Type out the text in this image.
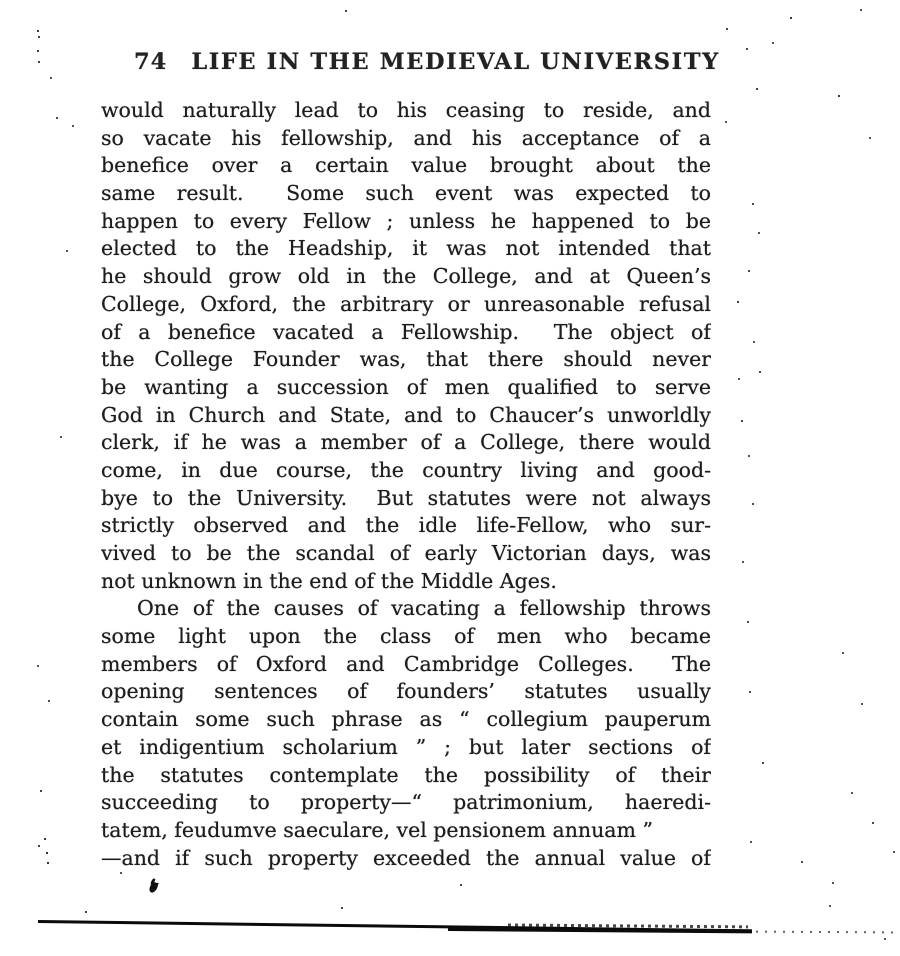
74 LIFE IN THE MEDIEVAL UNIVERSITY
would naturally lead to his ceasing to reside, and
so vacate his fellowship, and his acceptance of a
benefice over a certain value brought about the
same result.  Some such event was expected to
happen to every Fellow ; unless he happened to be
elected to the Headship, it was not intended that
he should grow old in the College, and at Queen’s
College, Oxford, the arbitrary or unreasonable refusal
of a benefice vacated a Fellowship.  The object of
the College Founder was, that there should never
be wanting a succession of men qualified to serve
God in Church and State, and to Chaucer’s unworldly
clerk, if he was a member of a College, there would
come, in due course, the country living and good-
bye to the University.  But statutes were not always
strictly observed and the idle life-Fellow, who sur-
vived to be the scandal of early Victorian days, was
not unknown in the end of the Middle Ages.
One of the causes of vacating a fellowship throws
some light upon the class of men who became
members of Oxford and Cambridge Colleges.  The
opening sentences of founders’ statutes usually
contain some such phrase as “ collegium pauperum
et indigentium scholarium ” ; but later sections of
the statutes contemplate the possibility of their
succeeding to property—“ patrimonium, haeredi-
tatem, feudumve saeculare, vel pensionem annuam ”
—and if such property exceeded the annual value of
